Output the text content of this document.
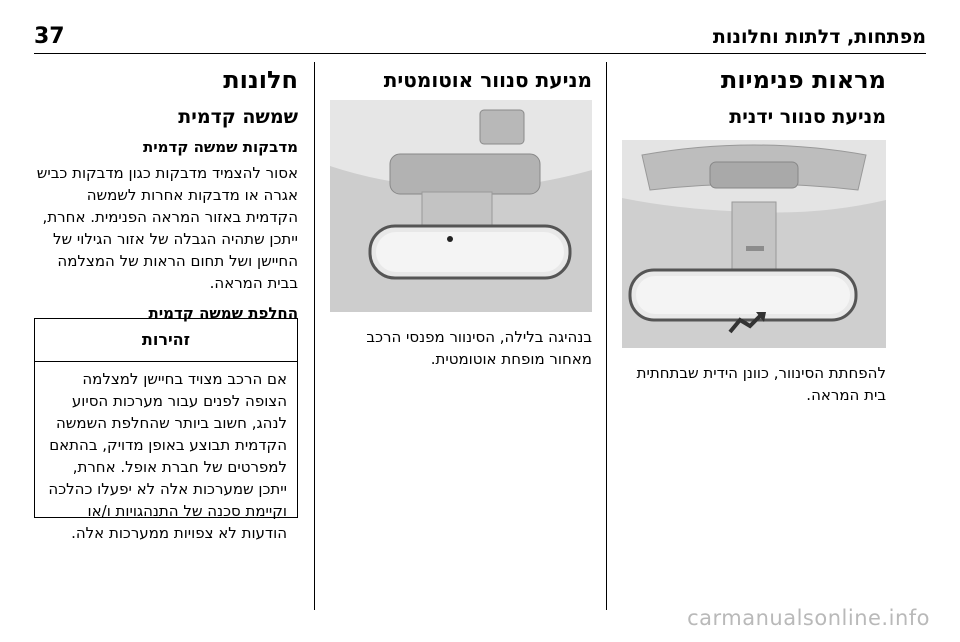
37	מפתחות, דלתות וחלונות
מראות פנימיות
מניעת סנוור ידנית

להפחתת הסינוור, כוונן הידית שבתחתית בית המראה.

מניעת סנוור אוטומטית

בנהיגה בלילה, הסינוור מפנסי הרכב מאחור מופחת אוטומטית.

חלונות
שמשה קדמית
מדבקות שמשה קדמית

אסור להצמיד מדבקות כגון מדבקות כביש אגרה או מדבקות אחרות לשמשה הקדמית באזור המראה הפנימית. אחרת, ייתכן שתהיה הגבלה של אזור הגילוי של החיישן ושל תחום הראות של המצלמה בבית המראה.

החלפת שמשה קדמית
זהירות
אם הרכב מצויד בחיישן למצלמה הצופה לפנים עבור מערכות הסיוע לנהג, חשוב ביותר שהחלפת השמשה הקדמית תבוצע באופן מדויק, בהתאם למפרטים של חברת אופל. אחרת, ייתכן שמערכות אלה לא יפעלו כהלכה וקיימת סכנה של התנהגויות ו/או הודעות לא צפויות ממערכות אלה.
carmanualsonline.info
